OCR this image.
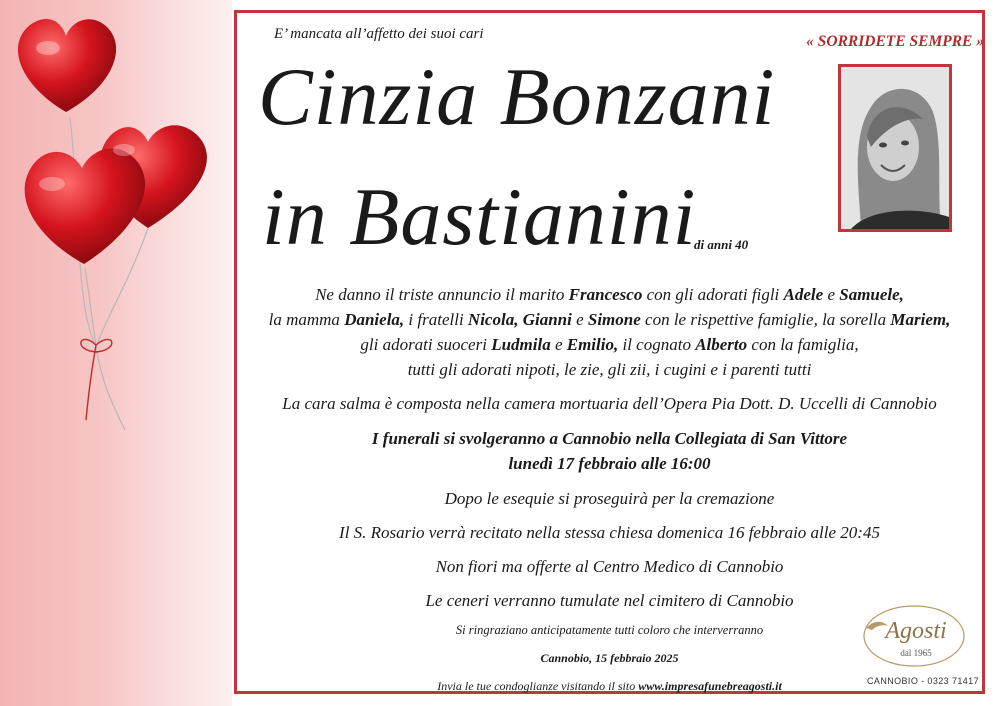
E’ mancata all’affetto dei suoi cari	« SORRIDETE SEMPRE »
Cinzia Bonzani
in Bastianini
di anni 40
Ne danno il triste annuncio il marito Francesco con gli adorati figli Adele e Samuele,
la mamma Daniela, i fratelli Nicola, Gianni e Simone con le rispettive famiglie, la sorella Mariem,
gli adorati suoceri Ludmila e Emilio, il cognato Alberto con la famiglia,
tutti gli adorati nipoti, le zie, gli zii, i cugini e i parenti tutti
La cara salma è composta nella camera mortuaria dell’Opera Pia Dott. D. Uccelli di Cannobio
I funerali si svolgeranno a Cannobio nella Collegiata di San Vittore
lunedì 17 febbraio alle 16:00
Dopo le esequie si proseguirà per la cremazione
Il S. Rosario verrà recitato nella stessa chiesa domenica 16 febbraio alle 20:45
Non fiori ma offerte al Centro Medico di Cannobio
Le ceneri verranno tumulate nel cimitero di Cannobio
Si ringraziano anticipatamente tutti coloro che interverranno
Cannobio, 15 febbraio 2025
Invia le tue condoglianze visitando il sito www.impresafunebreagosti.it
Agosti
dal 1965
CANNOBIO - 0323 71417
